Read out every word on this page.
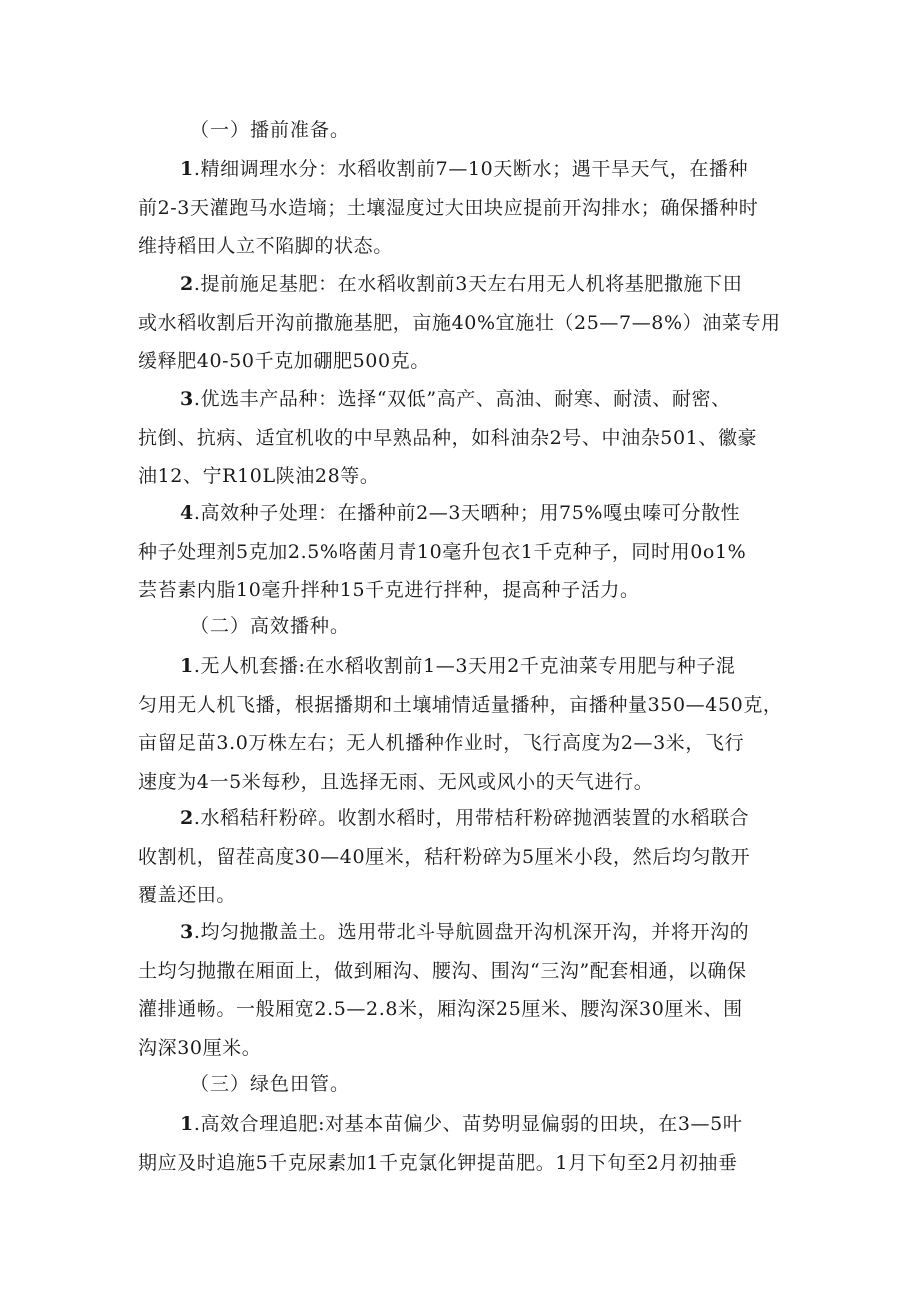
（一）播前准备。
1.精细调理水分：水稻收割前7—10天断水；遇干旱天气，在播种
前2-3天灌跑马水造墒；土壤湿度过大田块应提前开沟排水；确保播种时
维持稻田人立不陷脚的状态。
2.提前施足基肥：在水稻收割前3天左右用无人机将基肥撒施下田
或水稻收割后开沟前撒施基肥，亩施40%宜施壮（25—7—8%）油菜专用
缓释肥40-50千克加硼肥500克。
3.优选丰产品种：选择“双低”高产、高油、耐寒、耐渍、耐密、
抗倒、抗病、适宜机收的中早熟品种，如科油杂2号、中油杂501、徽豪
油12、宁R10L陕油28等。
4.高效种子处理：在播种前2—3天晒种；用75%嘎虫嗪可分散性
种子处理剂5克加2.5%咯菌月青10毫升包衣1千克种子，同时用0o1%
芸苔素内脂10毫升拌种15千克进行拌种，提高种子活力。
（二）高效播种。
1.无人机套播:在水稻收割前1—3天用2千克油菜专用肥与种子混
匀用无人机飞播，根据播期和土壤埔情适量播种，亩播种量350—450克，
亩留足苗3.0万株左右；无人机播种作业时，飞行高度为2—3米，飞行
速度为4一5米每秒，且选择无雨、无风或风小的天气进行。
2.水稻秸秆粉碎。收割水稻时，用带桔秆粉碎抛洒装置的水稻联合
收割机，留茬高度30—40厘米，秸秆粉碎为5厘米小段，然后均匀散开
覆盖还田。
3.均匀抛撒盖土。选用带北斗导航圆盘开沟机深开沟，并将开沟的
土均匀抛撒在厢面上，做到厢沟、腰沟、围沟“三沟”配套相通，以确保
灌排通畅。一般厢宽2.5—2.8米，厢沟深25厘米、腰沟深30厘米、围
沟深30厘米。
（三）绿色田管。
1.高效合理追肥:对基本苗偏少、苗势明显偏弱的田块，在3—5叶
期应及时追施5千克尿素加1千克氯化钾提苗肥。1月下旬至2月初抽垂
